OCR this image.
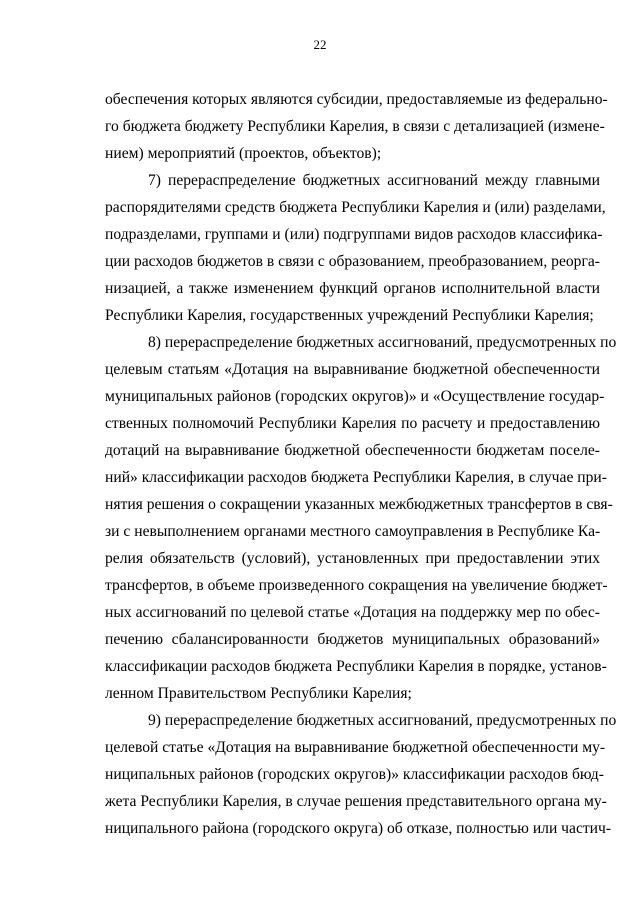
22
обеспечения которых являются субсидии, предоставляемые из федерально-
го бюджета бюджету Республики Карелия, в связи с детализацией (измене-
нием) мероприятий (проектов, объектов);
7) перераспределение бюджетных ассигнований между главными
распорядителями средств бюджета Республики Карелия и (или) разделами,
подразделами, группами и (или) подгруппами видов расходов классифика-
ции расходов бюджетов в связи с образованием, преобразованием, реорга-
низацией, а также изменением функций органов исполнительной власти
Республики Карелия, государственных учреждений Республики Карелия;
8) перераспределение бюджетных ассигнований, предусмотренных по
целевым статьям «Дотация на выравнивание бюджетной обеспеченности
муниципальных районов (городских округов)» и «Осуществление государ-
ственных полномочий Республики Карелия по расчету и предоставлению
дотаций на выравнивание бюджетной обеспеченности бюджетам поселе-
ний» классификации расходов бюджета Республики Карелия, в случае при-
нятия решения о сокращении указанных межбюджетных трансфертов в свя-
зи с невыполнением органами местного самоуправления в Республике Ка-
релия обязательств (условий), установленных при предоставлении этих
трансфертов, в объеме произведенного сокращения на увеличение бюджет-
ных ассигнований по целевой статье «Дотация на поддержку мер по обес-
печению сбалансированности бюджетов муниципальных образований»
классификации расходов бюджета Республики Карелия в порядке, установ-
ленном Правительством Республики Карелия;
9) перераспределение бюджетных ассигнований, предусмотренных по
целевой статье «Дотация на выравнивание бюджетной обеспеченности му-
ниципальных районов (городских округов)» классификации расходов бюд-
жета Республики Карелия, в случае решения представительного органа му-
ниципального района (городского округа) об отказе, полностью или частич-
